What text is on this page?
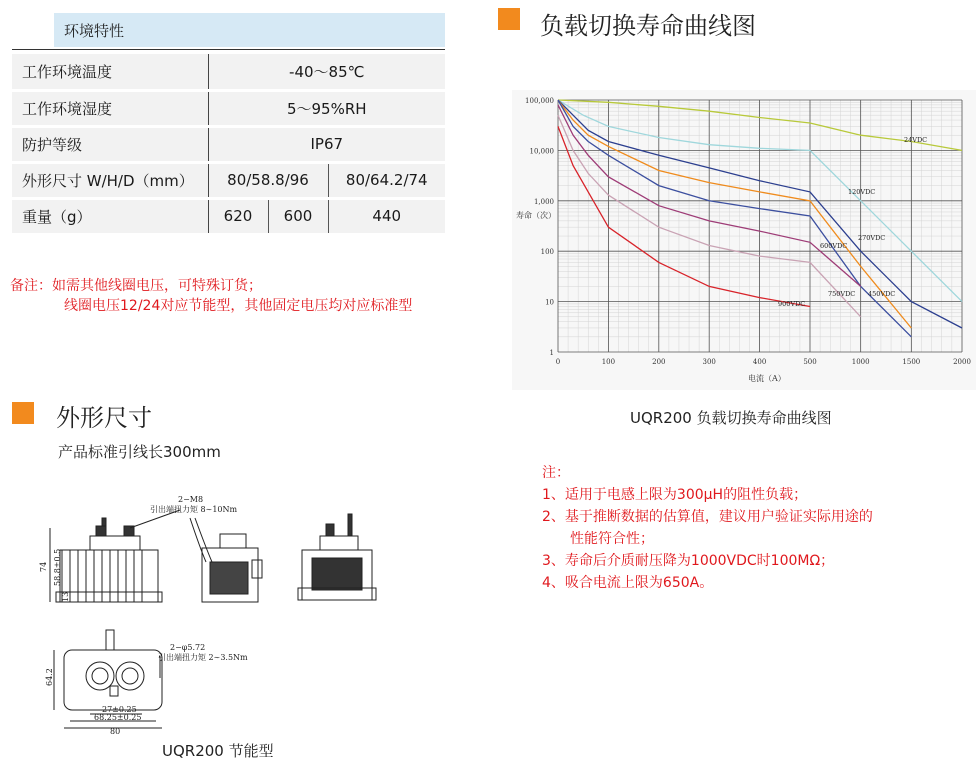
环境特性
工作环境温度	-40～85℃		
工作环境湿度	5～95%RH		
防护等级	IP67		
外形尺寸 W/H/D（mm）	80/58.8/96		80/64.2/74
重量（g）	620	600	440
备注：如需其他线圈电压，可特殊订货；
线圈电压12/24对应节能型，其他固定电压均对应标准型
外形尺寸
产品标准引线长300mm
2−M8
引出端扭力矩 8∼10Nm
2−φ5.72
引出端扭力矩 2∼3.5Nm
74 58.8±0.5
13
27±0.25
68.25±0.25
80
64.2
UQR200 节能型
负载切换寿命曲线图
1
10
100
1,000
10,000
100,000
0	100	200	300	400	500	1000	1500	2000
24VDC
120VDC
270VDC
450VDC
600VDC
750VDC
900VDC
寿命（次）
电流（A）
UQR200 负载切换寿命曲线图
注：
1、适用于电感上限为300μH的阻性负载；
2、基于推断数据的估算值，建议用户验证实际用途的
性能符合性；
3、寿命后介质耐压降为1000VDC时100MΩ；
4、吸合电流上限为650A。
